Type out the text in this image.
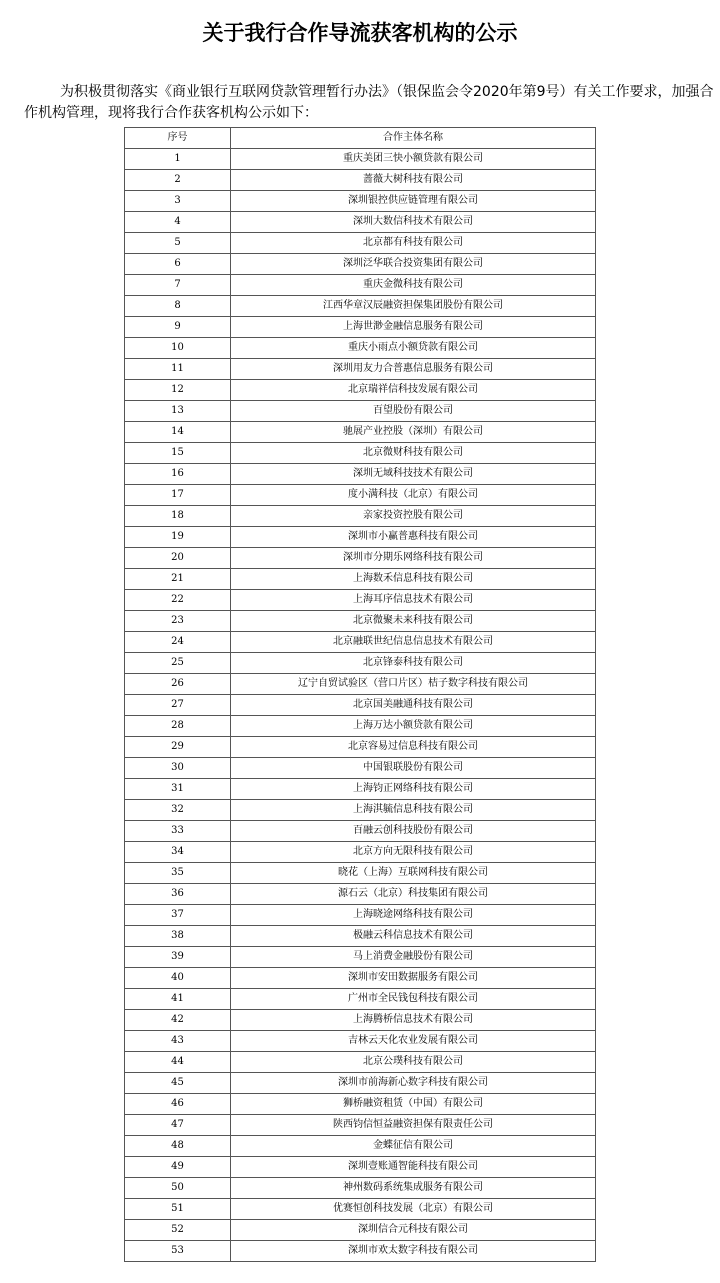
关于我行合作导流获客机构的公示
为积极贯彻落实《商业银行互联网贷款管理暂行办法》（银保监会令2020年第9号）有关工作要求，加强合作机构管理，现将我行合作获客机构公示如下：
序号	合作主体名称
1	重庆美团三快小额贷款有限公司
2	蔷薇大树科技有限公司
3	深圳银控供应链管理有限公司
4	深圳大数信科技术有限公司
5	北京都有科技有限公司
6	深圳泛华联合投资集团有限公司
7	重庆金微科技有限公司
8	江西华章汉辰融资担保集团股份有限公司
9	上海世渺金融信息服务有限公司
10	重庆小雨点小额贷款有限公司
11	深圳用友力合普惠信息服务有限公司
12	北京瑞祥信科技发展有限公司
13	百望股份有限公司
14	驰展产业控股（深圳）有限公司
15	北京微财科技有限公司
16	深圳无域科技技术有限公司
17	度小满科技（北京）有限公司
18	亲家投资控股有限公司
19	深圳市小赢普惠科技有限公司
20	深圳市分期乐网络科技有限公司
21	上海数禾信息科技有限公司
22	上海耳序信息技术有限公司
23	北京微聚未来科技有限公司
24	北京融联世纪信息信息技术有限公司
25	北京锋泰科技有限公司
26	辽宁自贸试验区（营口片区）桔子数字科技有限公司
27	北京国美融通科技有限公司
28	上海万达小额贷款有限公司
29	北京容易过信息科技有限公司
30	中国银联股份有限公司
31	上海钧正网络科技有限公司
32	上海淇毓信息科技有限公司
33	百融云创科技股份有限公司
34	北京方向无限科技有限公司
35	晓花（上海）互联网科技有限公司
36	源石云（北京）科技集团有限公司
37	上海晓途网络科技有限公司
38	极融云科信息技术有限公司
39	马上消费金融股份有限公司
40	深圳市安田数据服务有限公司
41	广州市全民钱包科技有限公司
42	上海腾桥信息技术有限公司
43	吉林云天化农业发展有限公司
44	北京公璞科技有限公司
45	深圳市前海新心数字科技有限公司
46	狮桥融资租赁（中国）有限公司
47	陕西钧信恒益融资担保有限责任公司
48	金蝶征信有限公司
49	深圳壹账通智能科技有限公司
50	神州数码系统集成服务有限公司
51	优赛恒创科技发展（北京）有限公司
52	深圳信合元科技有限公司
53	深圳市欢太数字科技有限公司
